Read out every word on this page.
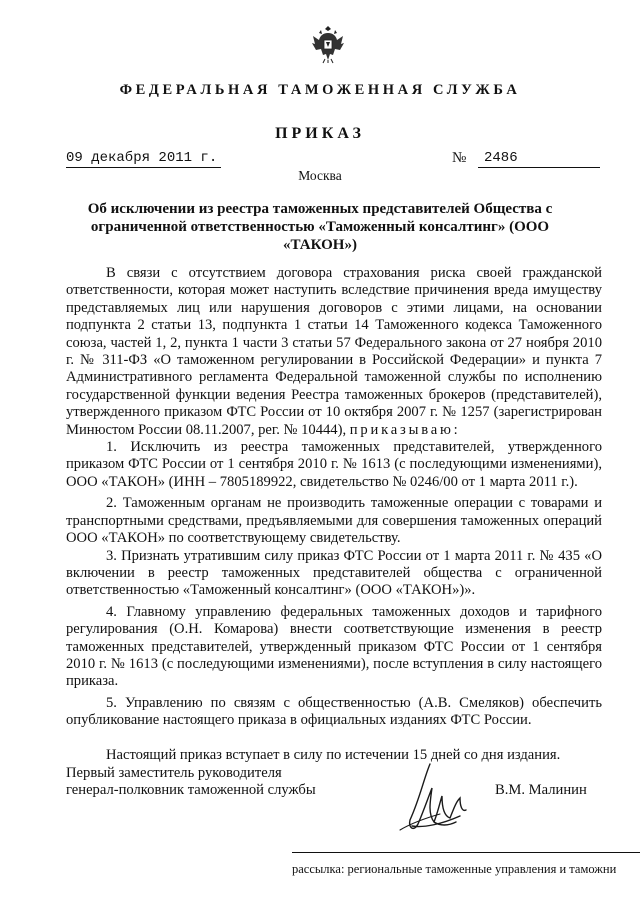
ФЕДЕРАЛЬНАЯ ТАМОЖЕННАЯ СЛУЖБА
ПРИКАЗ
09 декабря 2011 г.	№	2486
Москва
Об исключении из реестра таможенных представителей Общества с ограниченной ответственностью «Таможенный консалтинг» (ООО «ТАКОН»)

В связи с отсутствием договора страхования риска своей гражданской ответственности, которая может наступить вследствие причинения вреда имуществу представляемых лиц или нарушения договоров с этими лицами, на основании подпункта 2 статьи 13, подпункта 1 статьи 14 Таможенного кодекса Таможенного союза, частей 1, 2, пункта 1 части 3 статьи 57 Федерального закона от 27 ноября 2010 г. № 311-ФЗ «О таможенном регулировании в Российской Федерации» и пункта 7 Административного регламента Федеральной таможенной службы по исполнению государственной функции ведения Реестра таможенных брокеров (представителей), утвержденного приказом ФТС России от 10 октября 2007 г. № 1257 (зарегистрирован Минюстом России 08.11.2007, рег. № 10444), приказываю:

1. Исключить из реестра таможенных представителей, утвержденного приказом ФТС России от 1 сентября 2010 г. № 1613 (с последующими изменениями), ООО «ТАКОН» (ИНН – 7805189922, свидетельство № 0246/00 от 1 марта 2011 г.).

2. Таможенным органам не производить таможенные операции с товарами и транспортными средствами, предъявляемыми для совершения таможенных операций ООО «ТАКОН» по соответствующему свидетельству.

3. Признать утратившим силу приказ ФТС России от 1 марта 2011 г. № 435 «О включении в реестр таможенных представителей общества с ограниченной ответственностью «Таможенный консалтинг» (ООО «ТАКОН»)».

4. Главному управлению федеральных таможенных доходов и тарифного регулирования (О.Н. Комарова) внести соответствующие изменения в реестр таможенных представителей, утвержденный приказом ФТС России от 1 сентября 2010 г. № 1613 (с последующими изменениями), после вступления в силу настоящего приказа.

5. Управлению по связям с общественностью (А.В. Смеляков) обеспечить опубликование настоящего приказа в официальных изданиях ФТС России.

Настоящий приказ вступает в силу по истечении 15 дней со дня издания.

Первый заместитель руководителя
генерал-полковник таможенной службы	В.М. Малинин
рассылка: региональные таможенные управления и таможни
